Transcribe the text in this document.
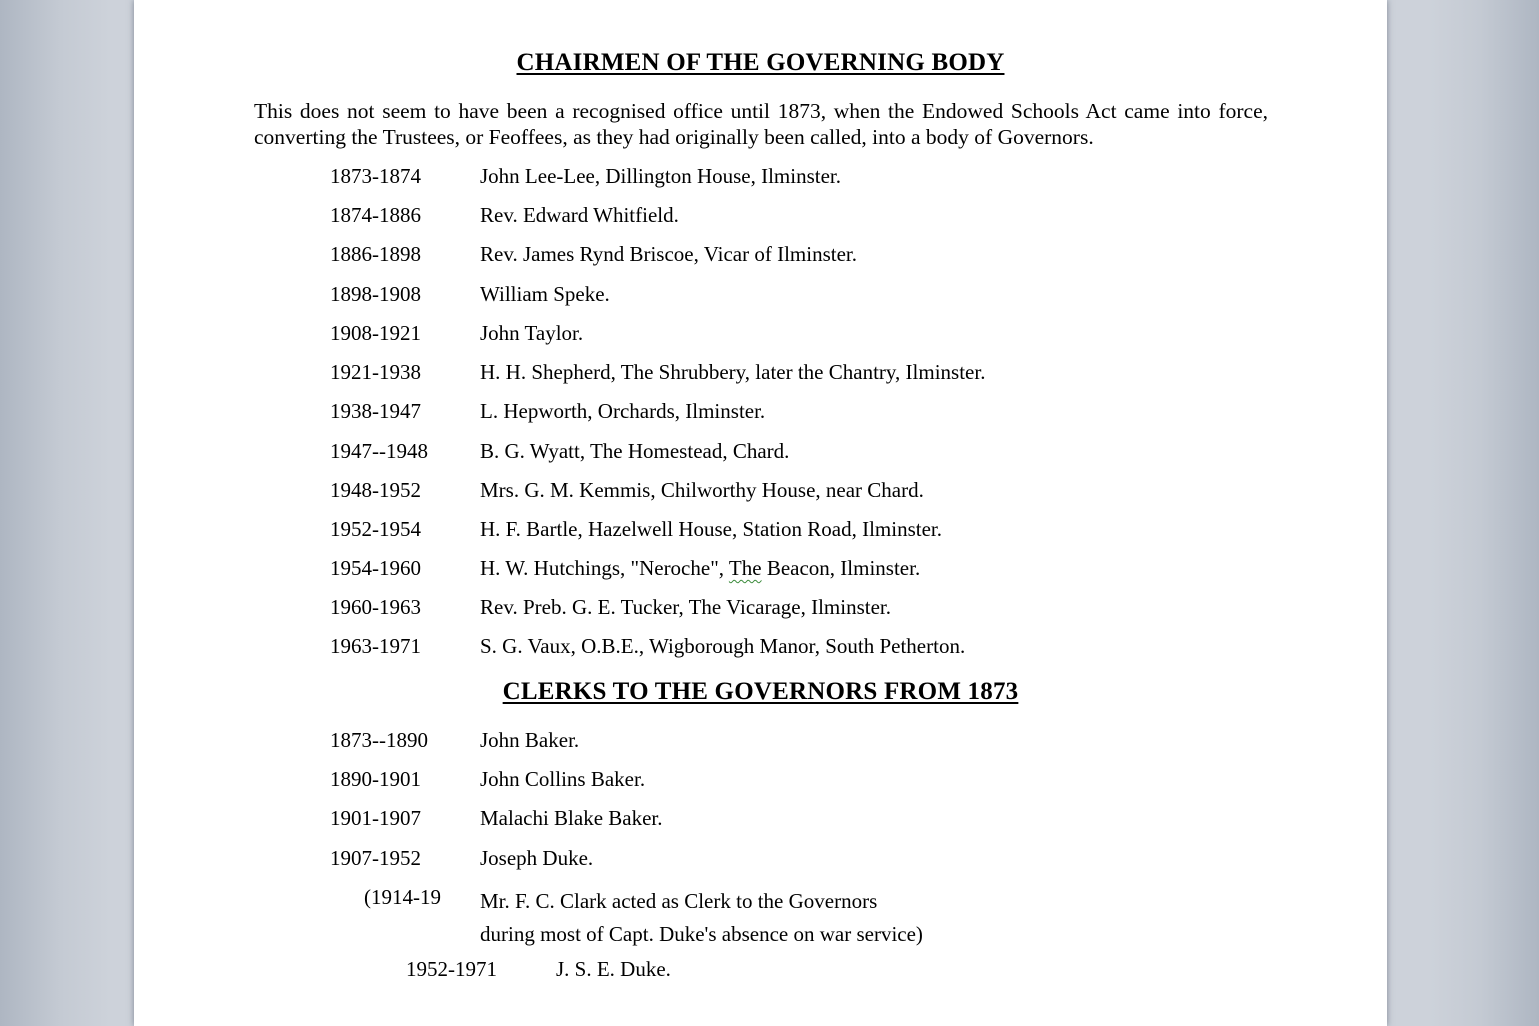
CHAIRMEN OF THE GOVERNING BODY
This does not seem to have been a recognised office until 1873, when the Endowed Schools Act came into force, converting the Trustees, or Feoffees, as they had originally been called, into a body of Governors.
1873-1874	John Lee-Lee, Dillington House, Ilminster.
1874-1886	Rev. Edward Whitfield.
1886-1898	Rev. James Rynd Briscoe, Vicar of Ilminster.
1898-1908	William Speke.
1908-1921	John Taylor.
1921-1938	H. H. Shepherd, The Shrubbery, later the Chantry, Ilminster.
1938-1947	L. Hepworth, Orchards, Ilminster.
1947--1948 B. G. Wyatt, The Homestead, Chard.
1948-1952	Mrs. G. M. Kemmis, Chilworthy House, near Chard.
1952-1954	H. F. Bartle, Hazelwell House, Station Road, Ilminster.
1954-1960	H. W. Hutchings, "Neroche", The Beacon, Ilminster.
1960-1963	Rev. Preb. G. E. Tucker, The Vicarage, Ilminster.
1963-1971	S. G. Vaux, O.B.E., Wigborough Manor, South Petherton.
CLERKS TO THE GOVERNORS FROM 1873
1873--1890 John Baker.
1890-1901	John Collins Baker.
1901-1907	Malachi Blake Baker.
1907-1952	Joseph Duke.
(1914-19 Mr. F. C. Clark acted as Clerk to the Governors
during most of Capt. Duke's absence on war service)
1952-1971	J. S. E. Duke.
